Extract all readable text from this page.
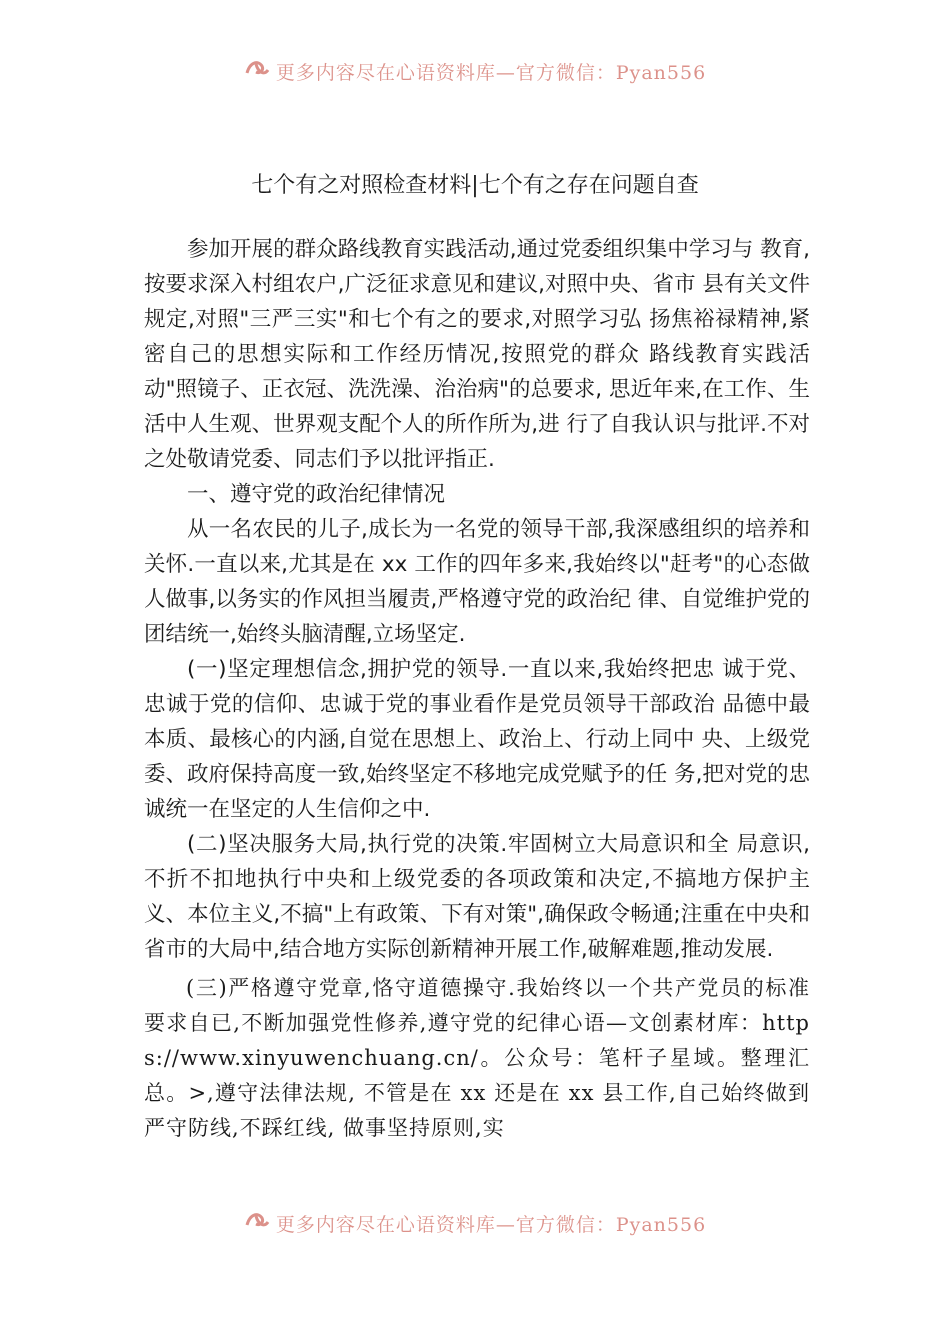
更多内容尽在心语资料库—官方微信：Pyan556
七个有之对照检查材料|七个有之存在问题自查

参加开展的群众路线教育实践活动,通过党委组织集中学习与 教育,按要求深入村组农户,广泛征求意见和建议,对照中央、省市 县有关文件规定,对照"三严三实"和七个有之的要求,对照学习弘 扬焦裕禄精神,紧密自己的思想实际和工作经历情况,按照党的群众 路线教育实践活动"照镜子、正衣冠、洗洗澡、治治病"的总要求, 思近年来,在工作、生活中人生观、世界观支配个人的所作所为,进 行了自我认识与批评.不对之处敬请党委、同志们予以批评指正.

一、遵守党的政治纪律情况

从一名农民的儿子,成长为一名党的领导干部,我深感组织的培养和关怀.一直以来,尤其是在 xx 工作的四年多来,我始终以"赶考"的心态做人做事,以务实的作风担当履责,严格遵守党的政治纪 律、自觉维护党的团结统一,始终头脑清醒,立场坚定.

(一)坚定理想信念,拥护党的领导.一直以来,我始终把忠 诚于党、忠诚于党的信仰、忠诚于党的事业看作是党员领导干部政治 品德中最本质、最核心的内涵,自觉在思想上、政治上、行动上同中 央、上级党委、政府保持高度一致,始终坚定不移地完成党赋予的任 务,把对党的忠诚统一在坚定的人生信仰之中.

(二)坚决服务大局,执行党的决策.牢固树立大局意识和全 局意识,不折不扣地执行中央和上级党委的各项政策和决定,不搞地方保护主义、本位主义,不搞"上有政策、下有对策",确保政令畅通;注重在中央和省市的大局中,结合地方实际创新精神开展工作,破解难题,推动发展.

(三)严格遵守党章,恪守道德操守.我始终以一个共产党员的标准要求自已,不断加强党性修养,遵守党的纪律心语—文创素材库：https://www.xinyuwenchuang.cn/。公众号：笔杆子星域。整理汇总。>,遵守法律法规, 不管是在 xx 还是在 xx 县工作,自己始终做到严守防线,不踩红线, 做事坚持原则,实

更多内容尽在心语资料库—官方微信：Pyan556
